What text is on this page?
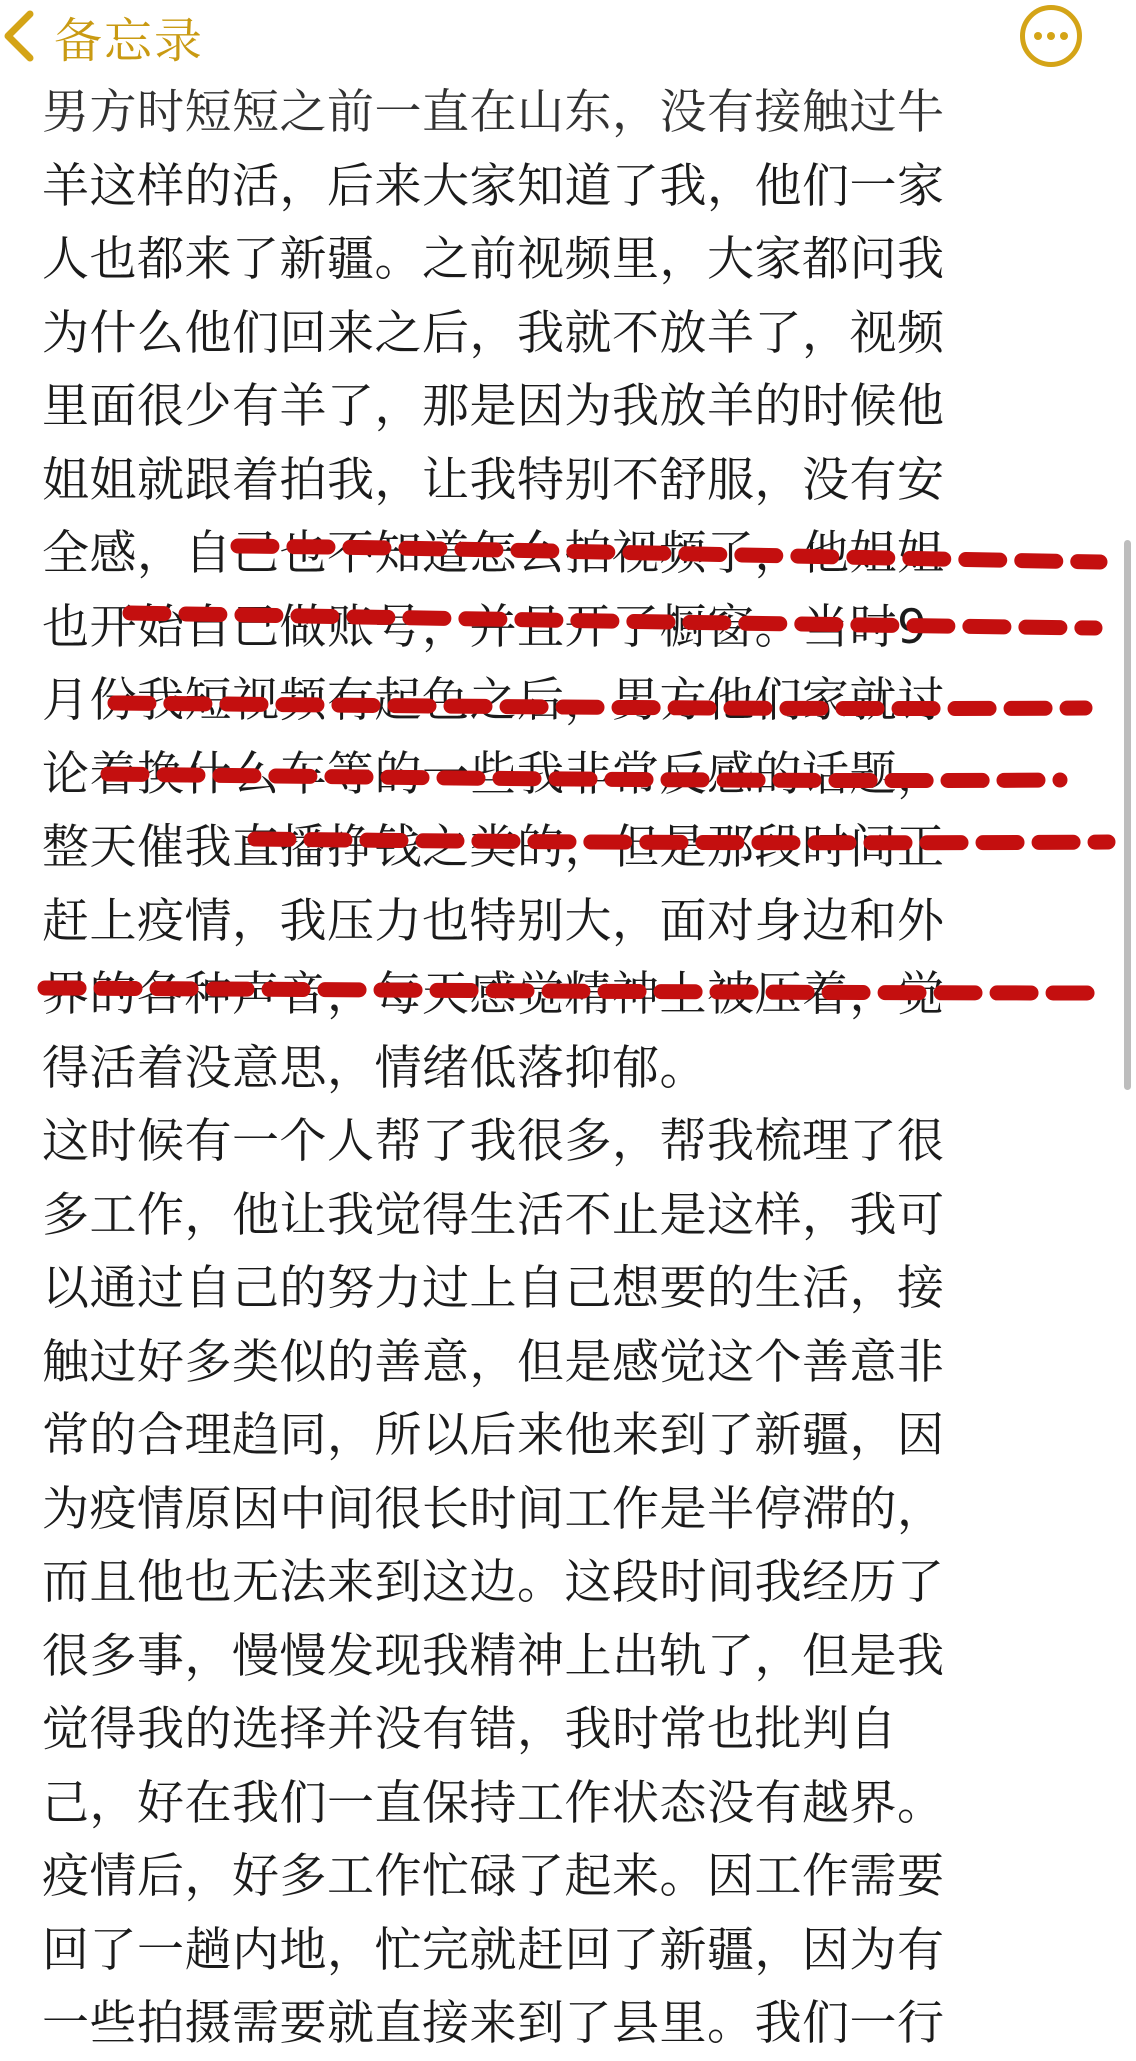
备忘录
男方时短短之前一直在山东，没有接触过牛
羊这样的活，后来大家知道了我，他们一家
人也都来了新疆。之前视频里，大家都问我
为什么他们回来之后，我就不放羊了，视频
里面很少有羊了，那是因为我放羊的时候他
姐姐就跟着拍我，让我特别不舒服，没有安
全感，自己也不知道怎么拍视频了，他姐姐
也开始自己做账号，并且开了橱窗。当时9
月份我短视频有起色之后，男方他们家就讨
论着换什么车等的一些我非常反感的话题，
整天催我直播挣钱之类的，但是那段时间正
赶上疫情，我压力也特别大，面对身边和外
界的各种声音，每天感觉精神上被压着，觉
得活着没意思，情绪低落抑郁。
这时候有一个人帮了我很多，帮我梳理了很
多工作，他让我觉得生活不止是这样，我可
以通过自己的努力过上自己想要的生活，接
触过好多类似的善意，但是感觉这个善意非
常的合理趋同，所以后来他来到了新疆，因
为疫情原因中间很长时间工作是半停滞的，
而且他也无法来到这边。这段时间我经历了
很多事，慢慢发现我精神上出轨了，但是我
觉得我的选择并没有错，我时常也批判自
己，好在我们一直保持工作状态没有越界。
疫情后，好多工作忙碌了起来。因工作需要
回了一趟内地，忙完就赶回了新疆，因为有
一些拍摄需要就直接来到了县里。我们一行
